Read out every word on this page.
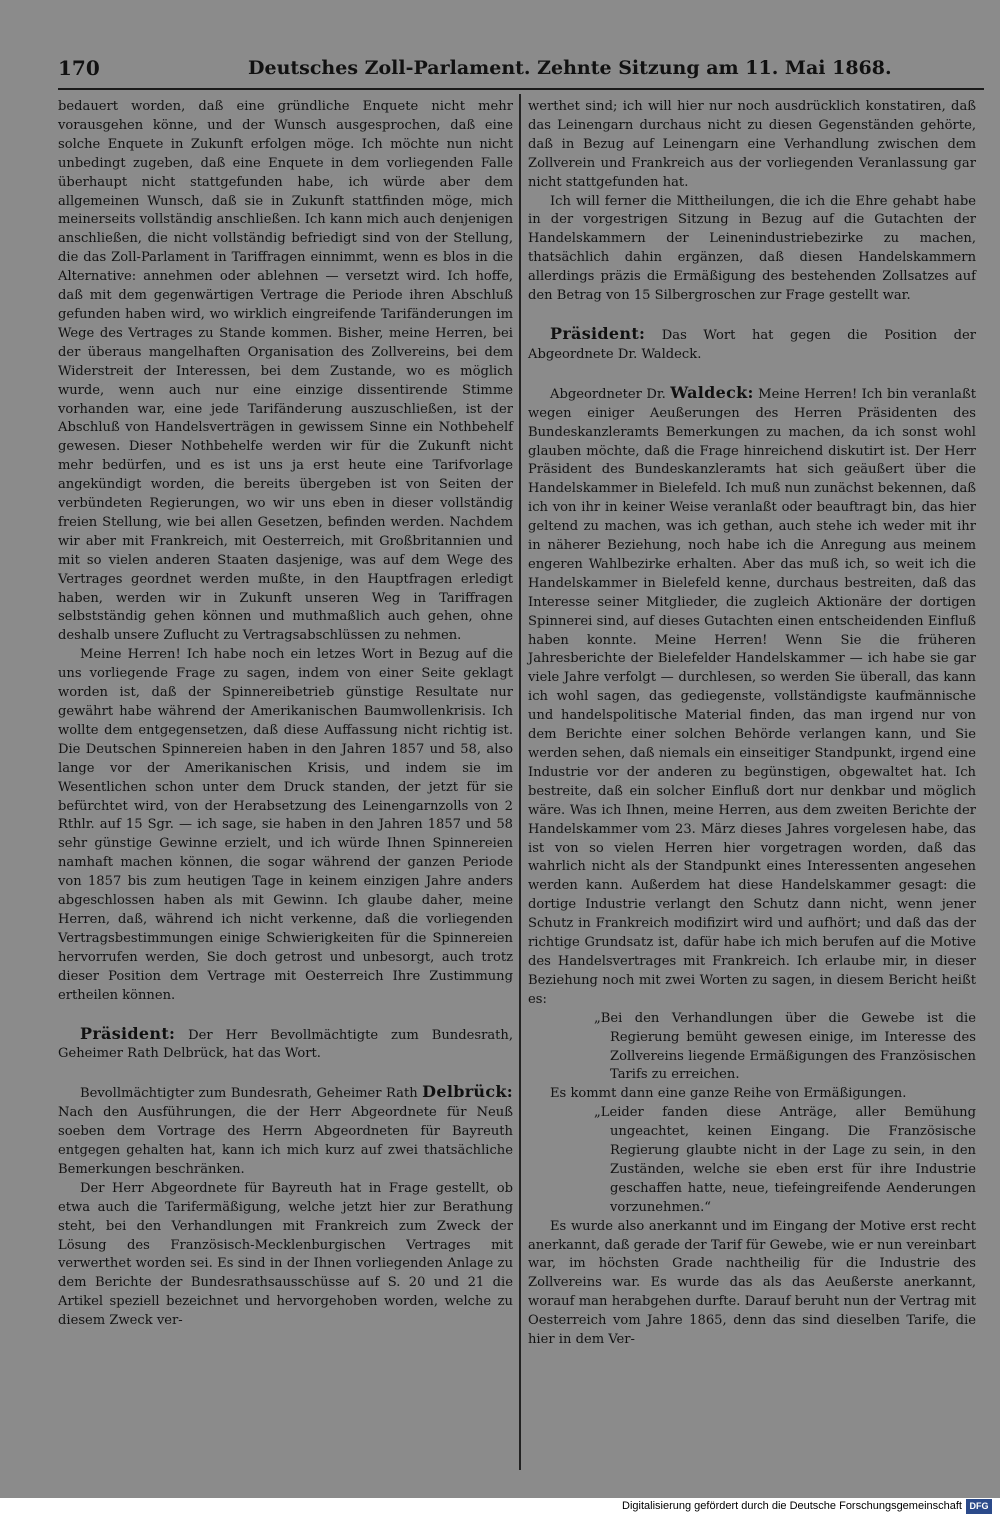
170	Deutsches Zoll-Parlament. Zehnte Sitzung am 11. Mai 1868.

bedauert worden, daß eine gründliche Enquete nicht mehr vorausgehen könne, und der Wunsch ausgesprochen, daß eine solche Enquete in Zukunft erfolgen möge. Ich möchte nun nicht unbedingt zugeben, daß eine Enquete in dem vorliegenden Falle überhaupt nicht stattgefunden habe, ich würde aber dem allgemeinen Wunsch, daß sie in Zukunft stattfinden möge, mich meinerseits vollständig anschließen. Ich kann mich auch denjenigen anschließen, die nicht vollständig befriedigt sind von der Stellung, die das Zoll-Parlament in Tariffragen einnimmt, wenn es blos in die Alternative: annehmen oder ablehnen — versetzt wird. Ich hoffe, daß mit dem gegenwärtigen Vertrage die Periode ihren Abschluß gefunden haben wird, wo wirklich eingreifende Tarifänderungen im Wege des Vertrages zu Stande kommen. Bisher, meine Herren, bei der überaus mangelhaften Organisation des Zollvereins, bei dem Widerstreit der Interessen, bei dem Zustande, wo es möglich wurde, wenn auch nur eine einzige dissentirende Stimme vorhanden war, eine jede Tarifänderung auszuschließen, ist der Abschluß von Handelsverträgen in gewissem Sinne ein Nothbehelf gewesen. Dieser Nothbehelfe werden wir für die Zukunft nicht mehr bedürfen, und es ist uns ja erst heute eine Tarifvorlage angekündigt worden, die bereits übergeben ist von Seiten der verbündeten Regierungen, wo wir uns eben in dieser vollständig freien Stellung, wie bei allen Gesetzen, befinden werden. Nachdem wir aber mit Frankreich, mit Oesterreich, mit Großbritannien und mit so vielen anderen Staaten dasjenige, was auf dem Wege des Vertrages geordnet werden mußte, in den Hauptfragen erledigt haben, werden wir in Zukunft unseren Weg in Tariffragen selbstständig gehen können und muthmaßlich auch gehen, ohne deshalb unsere Zuflucht zu Vertragsabschlüssen zu nehmen.

Meine Herren! Ich habe noch ein letzes Wort in Bezug auf die uns vorliegende Frage zu sagen, indem von einer Seite geklagt worden ist, daß der Spinnereibetrieb günstige Resultate nur gewährt habe während der Amerikanischen Baumwollenkrisis. Ich wollte dem entgegensetzen, daß diese Auffassung nicht richtig ist. Die Deutschen Spinnereien haben in den Jahren 1857 und 58, also lange vor der Amerikanischen Krisis, und indem sie im Wesentlichen schon unter dem Druck standen, der jetzt für sie befürchtet wird, von der Herabsetzung des Leinengarnzolls von 2 Rthlr. auf 15 Sgr. — ich sage, sie haben in den Jahren 1857 und 58 sehr günstige Gewinne erzielt, und ich würde Ihnen Spinnereien namhaft machen können, die sogar während der ganzen Periode von 1857 bis zum heutigen Tage in keinem einzigen Jahre anders abgeschlossen haben als mit Gewinn. Ich glaube daher, meine Herren, daß, während ich nicht verkenne, daß die vorliegenden Vertragsbestimmungen einige Schwierigkeiten für die Spinnereien hervorrufen werden, Sie doch getrost und unbesorgt, auch trotz dieser Position dem Vertrage mit Oesterreich Ihre Zustimmung ertheilen können.

Präsident: Der Herr Bevollmächtigte zum Bundesrath, Geheimer Rath Delbrück, hat das Wort.

Bevollmächtigter zum Bundesrath, Geheimer Rath Delbrück: Nach den Ausführungen, die der Herr Abgeordnete für Neuß soeben dem Vortrage des Herrn Abgeordneten für Bayreuth entgegen gehalten hat, kann ich mich kurz auf zwei thatsächliche Bemerkungen beschränken.

Der Herr Abgeordnete für Bayreuth hat in Frage gestellt, ob etwa auch die Tarifermäßigung, welche jetzt hier zur Berathung steht, bei den Verhandlungen mit Frankreich zum Zweck der Lösung des Französisch-Mecklenburgischen Vertrages mit verwerthet worden sei. Es sind in der Ihnen vorliegenden Anlage zu dem Berichte der Bundesrathsausschüsse auf S. 20 und 21 die Artikel speziell bezeichnet und hervorgehoben worden, welche zu diesem Zweck ver-

werthet sind; ich will hier nur noch ausdrücklich konstatiren, daß das Leinengarn durchaus nicht zu diesen Gegenständen gehörte, daß in Bezug auf Leinengarn eine Verhandlung zwischen dem Zollverein und Frankreich aus der vorliegenden Veranlassung gar nicht stattgefunden hat.

Ich will ferner die Mittheilungen, die ich die Ehre gehabt habe in der vorgestrigen Sitzung in Bezug auf die Gutachten der Handelskammern der Leinenindustriebezirke zu machen, thatsächlich dahin ergänzen, daß diesen Handelskammern allerdings präzis die Ermäßigung des bestehenden Zollsatzes auf den Betrag von 15 Silbergroschen zur Frage gestellt war.

Präsident: Das Wort hat gegen die Position der Abgeordnete Dr. Waldeck.

Abgeordneter Dr. Waldeck: Meine Herren! Ich bin veranlaßt wegen einiger Aeußerungen des Herren Präsidenten des Bundeskanzleramts Bemerkungen zu machen, da ich sonst wohl glauben möchte, daß die Frage hinreichend diskutirt ist. Der Herr Präsident des Bundeskanzleramts hat sich geäußert über die Handelskammer in Bielefeld. Ich muß nun zunächst bekennen, daß ich von ihr in keiner Weise veranlaßt oder beauftragt bin, das hier geltend zu machen, was ich gethan, auch stehe ich weder mit ihr in näherer Beziehung, noch habe ich die Anregung aus meinem engeren Wahlbezirke erhalten. Aber das muß ich, so weit ich die Handelskammer in Bielefeld kenne, durchaus bestreiten, daß das Interesse seiner Mitglieder, die zugleich Aktionäre der dortigen Spinnerei sind, auf dieses Gutachten einen entscheidenden Einfluß haben konnte. Meine Herren! Wenn Sie die früheren Jahresberichte der Bielefelder Handelskammer — ich habe sie gar viele Jahre verfolgt — durchlesen, so werden Sie überall, das kann ich wohl sagen, das gediegenste, vollständigste kaufmännische und handelspolitische Material finden, das man irgend nur von dem Berichte einer solchen Behörde verlangen kann, und Sie werden sehen, daß niemals ein einseitiger Standpunkt, irgend eine Industrie vor der anderen zu begünstigen, obgewaltet hat. Ich bestreite, daß ein solcher Einfluß dort nur denkbar und möglich wäre. Was ich Ihnen, meine Herren, aus dem zweiten Berichte der Handelskammer vom 23. März dieses Jahres vorgelesen habe, das ist von so vielen Herren hier vorgetragen worden, daß das wahrlich nicht als der Standpunkt eines Interessenten angesehen werden kann. Außerdem hat diese Handelskammer gesagt: die dortige Industrie verlangt den Schutz dann nicht, wenn jener Schutz in Frankreich modifizirt wird und aufhört; und daß das der richtige Grundsatz ist, dafür habe ich mich berufen auf die Motive des Handelsvertrages mit Frankreich. Ich erlaube mir, in dieser Beziehung noch mit zwei Worten zu sagen, in diesem Bericht heißt es:

„Bei den Verhandlungen über die Gewebe ist die Regierung bemüht gewesen einige, im Interesse des Zollvereins liegende Ermäßigungen des Französischen Tarifs zu erreichen.

Es kommt dann eine ganze Reihe von Ermäßigungen.

„Leider fanden diese Anträge, aller Bemühung ungeachtet, keinen Eingang. Die Französische Regierung glaubte nicht in der Lage zu sein, in den Zuständen, welche sie eben erst für ihre Industrie geschaffen hatte, neue, tiefeingreifende Aenderungen vorzunehmen.“

Es wurde also anerkannt und im Eingang der Motive erst recht anerkannt, daß gerade der Tarif für Gewebe, wie er nun vereinbart war, im höchsten Grade nachtheilig für die Industrie des Zollvereins war. Es wurde das als das Aeußerste anerkannt, worauf man herabgehen durfte. Darauf beruht nun der Vertrag mit Oesterreich vom Jahre 1865, denn das sind dieselben Tarife, die hier in dem Ver-

Digitalisierung gefördert durch die Deutsche Forschungsgemeinschaft DFG
